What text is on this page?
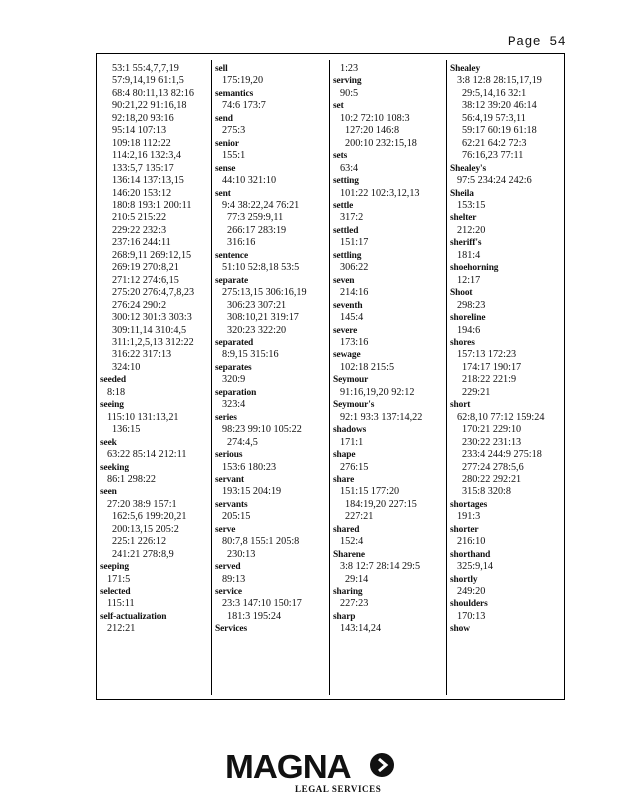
Page 54
53:1 55:4,7,7,19
57:9,14,19 61:1,5
68:4 80:11,13 82:16
90:21,22 91:16,18
92:18,20 93:16
95:14 107:13
109:18 112:22
114:2,16 132:3,4
133:5,7 135:17
136:14 137:13,15
146:20 153:12
180:8 193:1 200:11
210:5 215:22
229:22 232:3
237:16 244:11
268:9,11 269:12,15
269:19 270:8,21
271:12 274:6,15
275:20 276:4,7,8,23
276:24 290:2
300:12 301:3 303:3
309:11,14 310:4,5
311:1,2,5,13 312:22
316:22 317:13
324:10
seeded
8:18
seeing
115:10 131:13,21
136:15
seek
63:22 85:14 212:11
seeking
86:1 298:22
seen
27:20 38:9 157:1
162:5,6 199:20,21
200:13,15 205:2
225:1 226:12
241:21 278:8,9
seeping
171:5
selected
115:11
self-actualization
212:21
sell
175:19,20
semantics
74:6 173:7
send
275:3
senior
155:1
sense
44:10 321:10
sent
9:4 38:22,24 76:21
77:3 259:9,11
266:17 283:19
316:16
sentence
51:10 52:8,18 53:5
separate
275:13,15 306:16,19
306:23 307:21
308:10,21 319:17
320:23 322:20
separated
8:9,15 315:16
separates
320:9
separation
323:4
series
98:23 99:10 105:22
274:4,5
serious
153:6 180:23
servant
193:15 204:19
servants
205:15
serve
80:7,8 155:1 205:8
230:13
served
89:13
service
23:3 147:10 150:17
181:3 195:24
Services
1:23
serving
90:5
set
10:2 72:10 108:3
127:20 146:8
200:10 232:15,18
sets
63:4
setting
101:22 102:3,12,13
settle
317:2
settled
151:17
settling
306:22
seven
214:16
seventh
145:4
severe
173:16
sewage
102:18 215:5
Seymour
91:16,19,20 92:12
Seymour's
92:1 93:3 137:14,22
shadows
171:1
shape
276:15
share
151:15 177:20
184:19,20 227:15
227:21
shared
152:4
Sharene
3:8 12:7 28:14 29:5
29:14
sharing
227:23
sharp
143:14,24
Shealey
3:8 12:8 28:15,17,19
29:5,14,16 32:1
38:12 39:20 46:14
56:4,19 57:3,11
59:17 60:19 61:18
62:21 64:2 72:3
76:16,23 77:11
Shealey's
97:5 234:24 242:6
Sheila
153:15
shelter
212:20
sheriff's
181:4
shoehorning
12:17
Shoot
298:23
shoreline
194:6
shores
157:13 172:23
174:17 190:17
218:22 221:9
229:21
short
62:8,10 77:12 159:24
170:21 229:10
230:22 231:13
233:4 244:9 275:18
277:24 278:5,6
280:22 292:21
315:8 320:8
shortages
191:3
shorter
216:10
shorthand
325:9,14
shortly
249:20
shoulders
170:13
show
MAGNA
LEGAL SERVICES
